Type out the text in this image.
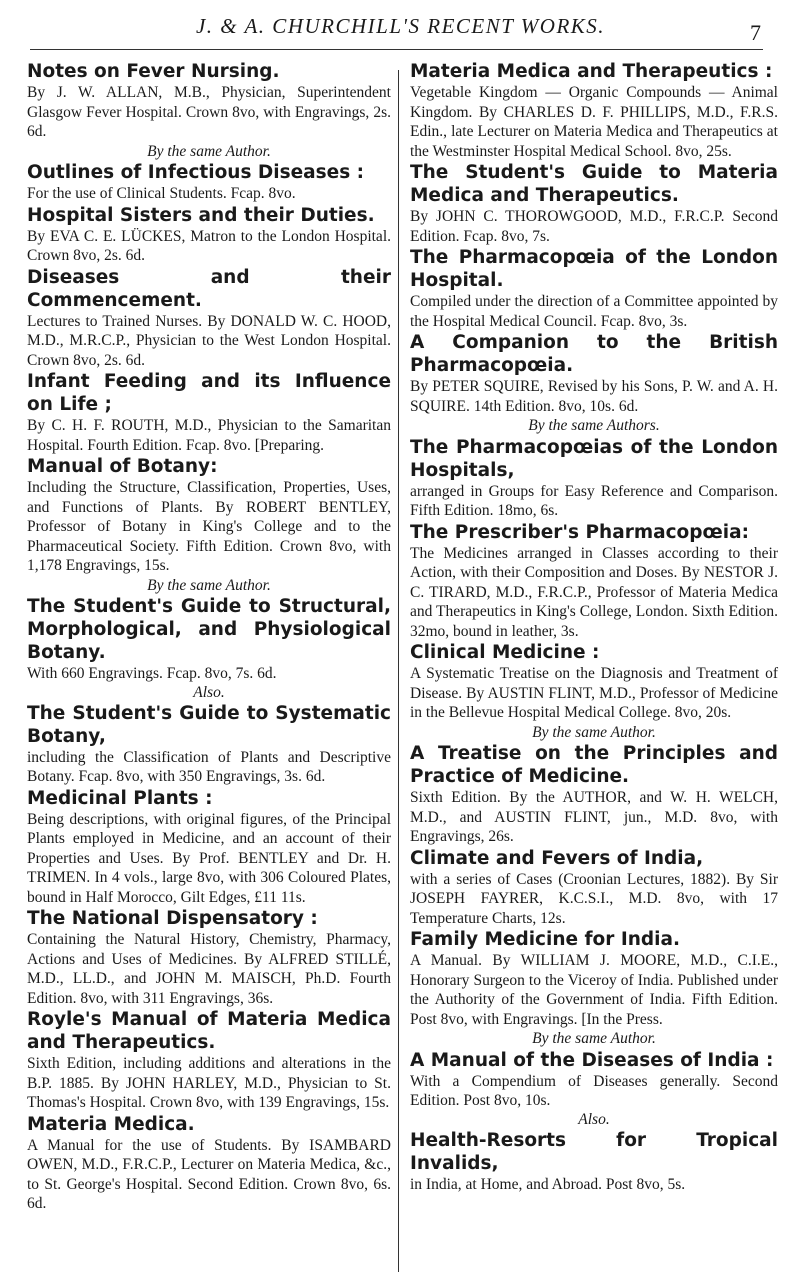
J. & A. CHURCHILL'S RECENT WORKS.	7
Notes on Fever Nursing.
By J. W. ALLAN, M.B., Physician, Superintendent Glasgow Fever Hospital. Crown 8vo, with Engravings, 2s. 6d.
By the same Author.
Outlines of Infectious Diseases :
For the use of Clinical Students. Fcap. 8vo.
Hospital Sisters and their Duties.
By EVA C. E. LÜCKES, Matron to the London Hospital. Crown 8vo, 2s. 6d.
Diseases and their Commencement.
Lectures to Trained Nurses. By DONALD W. C. HOOD, M.D., M.R.C.P., Physician to the West London Hospital. Crown 8vo, 2s. 6d.
Infant Feeding and its Influence on Life ;
By C. H. F. ROUTH, M.D., Physician to the Samaritan Hospital. Fourth Edition. Fcap. 8vo. [Preparing.
Manual of Botany:
Including the Structure, Classification, Properties, Uses, and Functions of Plants. By ROBERT BENTLEY, Professor of Botany in King's College and to the Pharmaceutical Society. Fifth Edition. Crown 8vo, with 1,178 Engravings, 15s.
By the same Author.
The Student's Guide to Structural, Morphological, and Physiological Botany.
With 660 Engravings. Fcap. 8vo, 7s. 6d.
Also.
The Student's Guide to Systematic Botany,
including the Classification of Plants and Descriptive Botany. Fcap. 8vo, with 350 Engravings, 3s. 6d.
Medicinal Plants :
Being descriptions, with original figures, of the Principal Plants employed in Medicine, and an account of their Properties and Uses. By Prof. BENTLEY and Dr. H. TRIMEN. In 4 vols., large 8vo, with 306 Coloured Plates, bound in Half Morocco, Gilt Edges, £11 11s.
The National Dispensatory :
Containing the Natural History, Chemistry, Pharmacy, Actions and Uses of Medicines. By ALFRED STILLÉ, M.D., LL.D., and JOHN M. MAISCH, Ph.D. Fourth Edition. 8vo, with 311 Engravings, 36s.
Royle's Manual of Materia Medica and Therapeutics.
Sixth Edition, including additions and alterations in the B.P. 1885. By JOHN HARLEY, M.D., Physician to St. Thomas's Hospital. Crown 8vo, with 139 Engravings, 15s.
Materia Medica.
A Manual for the use of Students. By ISAMBARD OWEN, M.D., F.R.C.P., Lecturer on Materia Medica, &c., to St. George's Hospital. Second Edition. Crown 8vo, 6s. 6d.
Materia Medica and Therapeutics :
Vegetable Kingdom — Organic Compounds — Animal Kingdom. By CHARLES D. F. PHILLIPS, M.D., F.R.S. Edin., late Lecturer on Materia Medica and Therapeutics at the Westminster Hospital Medical School. 8vo, 25s.
The Student's Guide to Materia Medica and Therapeutics.
By JOHN C. THOROWGOOD, M.D., F.R.C.P. Second Edition. Fcap. 8vo, 7s.
The Pharmacopœia of the London Hospital.
Compiled under the direction of a Committee appointed by the Hospital Medical Council. Fcap. 8vo, 3s.
A Companion to the British Pharmacopœia.
By PETER SQUIRE, Revised by his Sons, P. W. and A. H. SQUIRE. 14th Edition. 8vo, 10s. 6d.
By the same Authors.
The Pharmacopœias of the London Hospitals,
arranged in Groups for Easy Reference and Comparison. Fifth Edition. 18mo, 6s.
The Prescriber's Pharmacopœia:
The Medicines arranged in Classes according to their Action, with their Composition and Doses. By NESTOR J. C. TIRARD, M.D., F.R.C.P., Professor of Materia Medica and Therapeutics in King's College, London. Sixth Edition. 32mo, bound in leather, 3s.
Clinical Medicine :
A Systematic Treatise on the Diagnosis and Treatment of Disease. By AUSTIN FLINT, M.D., Professor of Medicine in the Bellevue Hospital Medical College. 8vo, 20s.
By the same Author.
A Treatise on the Principles and Practice of Medicine.
Sixth Edition. By the AUTHOR, and W. H. WELCH, M.D., and AUSTIN FLINT, jun., M.D. 8vo, with Engravings, 26s.
Climate and Fevers of India,
with a series of Cases (Croonian Lectures, 1882). By Sir JOSEPH FAYRER, K.C.S.I., M.D. 8vo, with 17 Temperature Charts, 12s.
Family Medicine for India.
A Manual. By WILLIAM J. MOORE, M.D., C.I.E., Honorary Surgeon to the Viceroy of India. Published under the Authority of the Government of India. Fifth Edition. Post 8vo, with Engravings. [In the Press.
By the same Author.
A Manual of the Diseases of India :
With a Compendium of Diseases generally. Second Edition. Post 8vo, 10s.
Also.
Health-Resorts for Tropical Invalids,
in India, at Home, and Abroad. Post 8vo, 5s.
